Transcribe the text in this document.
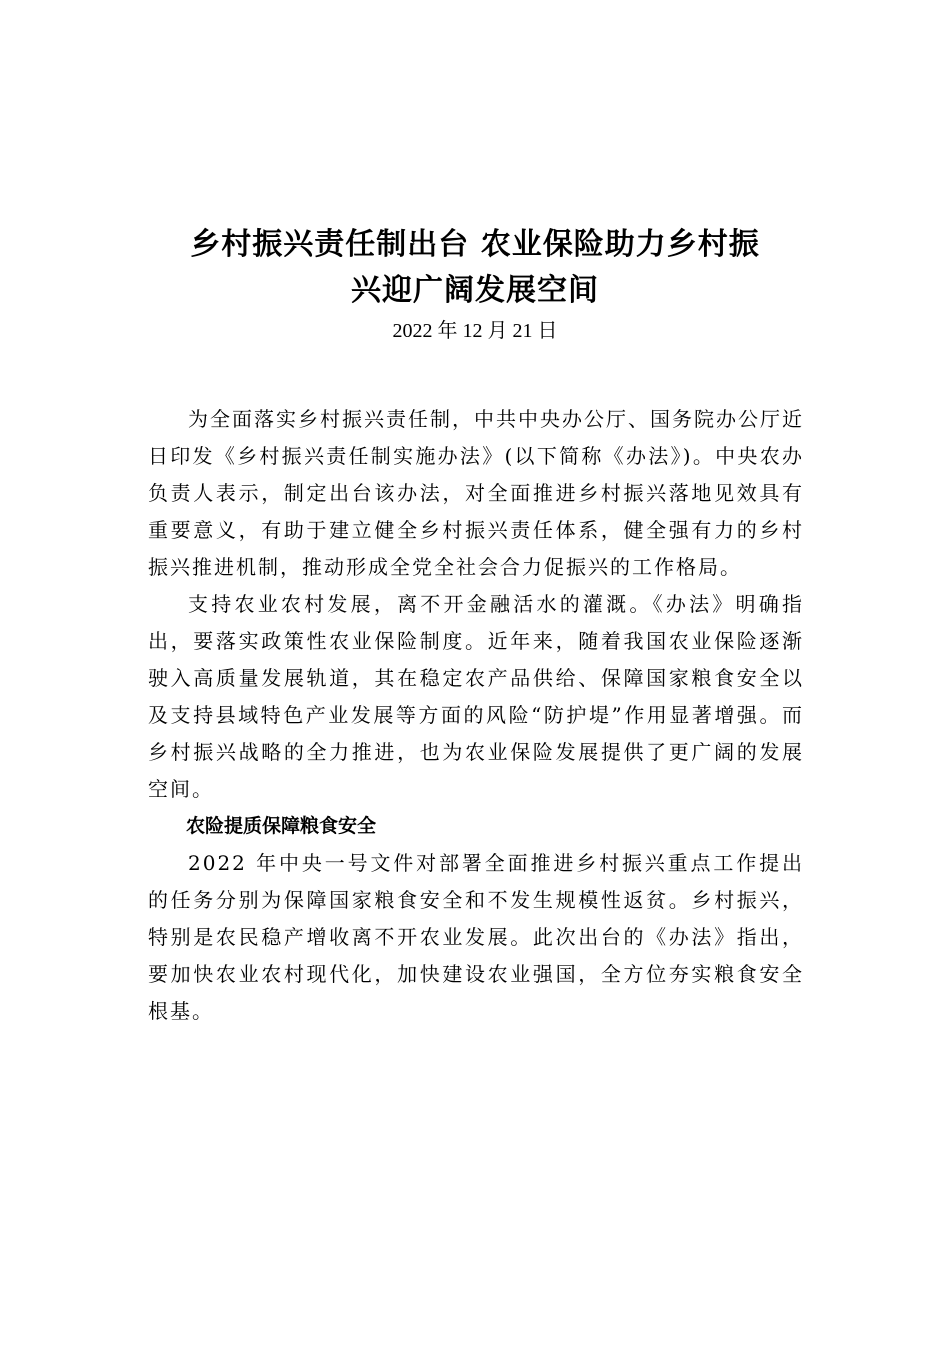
乡村振兴责任制出台 农业保险助力乡村振
兴迎广阔发展空间
2022 年 12 月 21 日

为全面落实乡村振兴责任制，中共中央办公厅、国务院办公厅近日印发《乡村振兴责任制实施办法》(以下简称《办法》)。中央农办负责人表示，制定出台该办法，对全面推进乡村振兴落地见效具有重要意义，有助于建立健全乡村振兴责任体系，健全强有力的乡村振兴推进机制，推动形成全党全社会合力促振兴的工作格局。

支持农业农村发展，离不开金融活水的灌溉。《办法》明确指出，要落实政策性农业保险制度。近年来，随着我国农业保险逐渐驶入高质量发展轨道，其在稳定农产品供给、保障国家粮食安全以及支持县域特色产业发展等方面的风险“防护堤”作用显著增强。而乡村振兴战略的全力推进，也为农业保险发展提供了更广阔的发展空间。

农险提质保障粮食安全

2022 年中央一号文件对部署全面推进乡村振兴重点工作提出的任务分别为保障国家粮食安全和不发生规模性返贫。乡村振兴，特别是农民稳产增收离不开农业发展。此次出台的《办法》指出，要加快农业农村现代化，加快建设农业强国，全方位夯实粮食安全根基。
